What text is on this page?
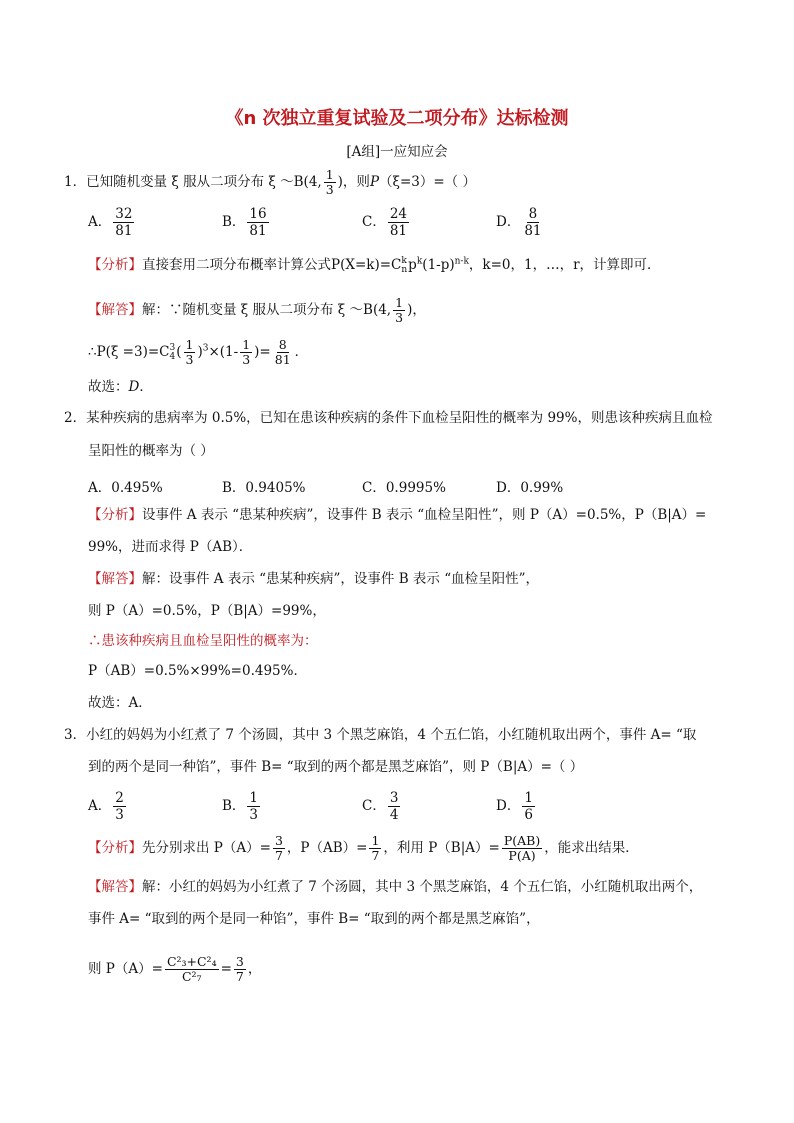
《n 次独立重复试验及二项分布》达标检测
[A组]一应知应会
1．已知随机变量 ξ 服从二项分布 ξ ～B(4, $\frac{1}{3}$ )，则P（ξ=3）=（ ）
A． $\frac{32}{81}$	B． $\frac{16}{81}$	C． $\frac{24}{81}$	D． $\frac{8}{81}$
【分析】直接套用二项分布概率计算公式P(X=k)=C k
n $p^k(1-p)^{n-k}$，k=0，1，…，r，计算即可．
【解答】解：∵随机变量 ξ 服从二项分布 ξ ～B(4, $\frac{1}{3}$ )，
∴P(ξ =3)=C 3
4 ( $\frac{1}{3} )^3\times(1- \frac{1}{3}$ )= $\frac{8}{81}$ ．
故选：D．
2．某种疾病的患病率为 0.5%，已知在患该种疾病的条件下血检呈阳性的概率为 99%，则患该种疾病且血检
呈阳性的概率为（ ）
A．0.495%	B．0.9405%	C．0.9995%	D．0.99%
【分析】设事件 A 表示 “患某种疾病”，设事件 B 表示 “血检呈阳性”，则 P（A）=0.5%，P（B|A）=
99%，进而求得 P（AB）．
【解答】解：设事件 A 表示 “患某种疾病”，设事件 B 表示 “血检呈阳性”，
则 P（A）=0.5%，P（B|A）=99%，
∴患该种疾病且血检呈阳性的概率为：
P（AB）=0.5%×99%=0.495%．
故选：A．
3．小红的妈妈为小红煮了 7 个汤圆，其中 3 个黑芝麻馅，4 个五仁馅，小红随机取出两个，事件 A= “取
到的两个是同一种馅”，事件 B= “取到的两个都是黑芝麻馅”，则 P（B|A）=（ ）
A． $\frac{2}{3}$	B． $\frac{1}{3}$	C． $\frac{3}{4}$	D． $\frac{1}{6}$
【分析】先分别求出 $P(A)= \frac{3}{7}$ ，$P(AB)= \frac{1}{7}$ ，利用 $P(B|A)= \frac{P(AB)}{P(A)}$ ，能求出结果．
【解答】解：小红的妈妈为小红煮了 7 个汤圆，其中 3 个黑芝麻馅，4 个五仁馅，小红随机取出两个，
事件 A= “取到的两个是同一种馅”，事件 B= “取到的两个都是黑芝麻馅”，
则 $P(A)= \frac{\text{C²₃+C²₄}}{\text{C²₇}} = \frac{3}{7}$ ，
